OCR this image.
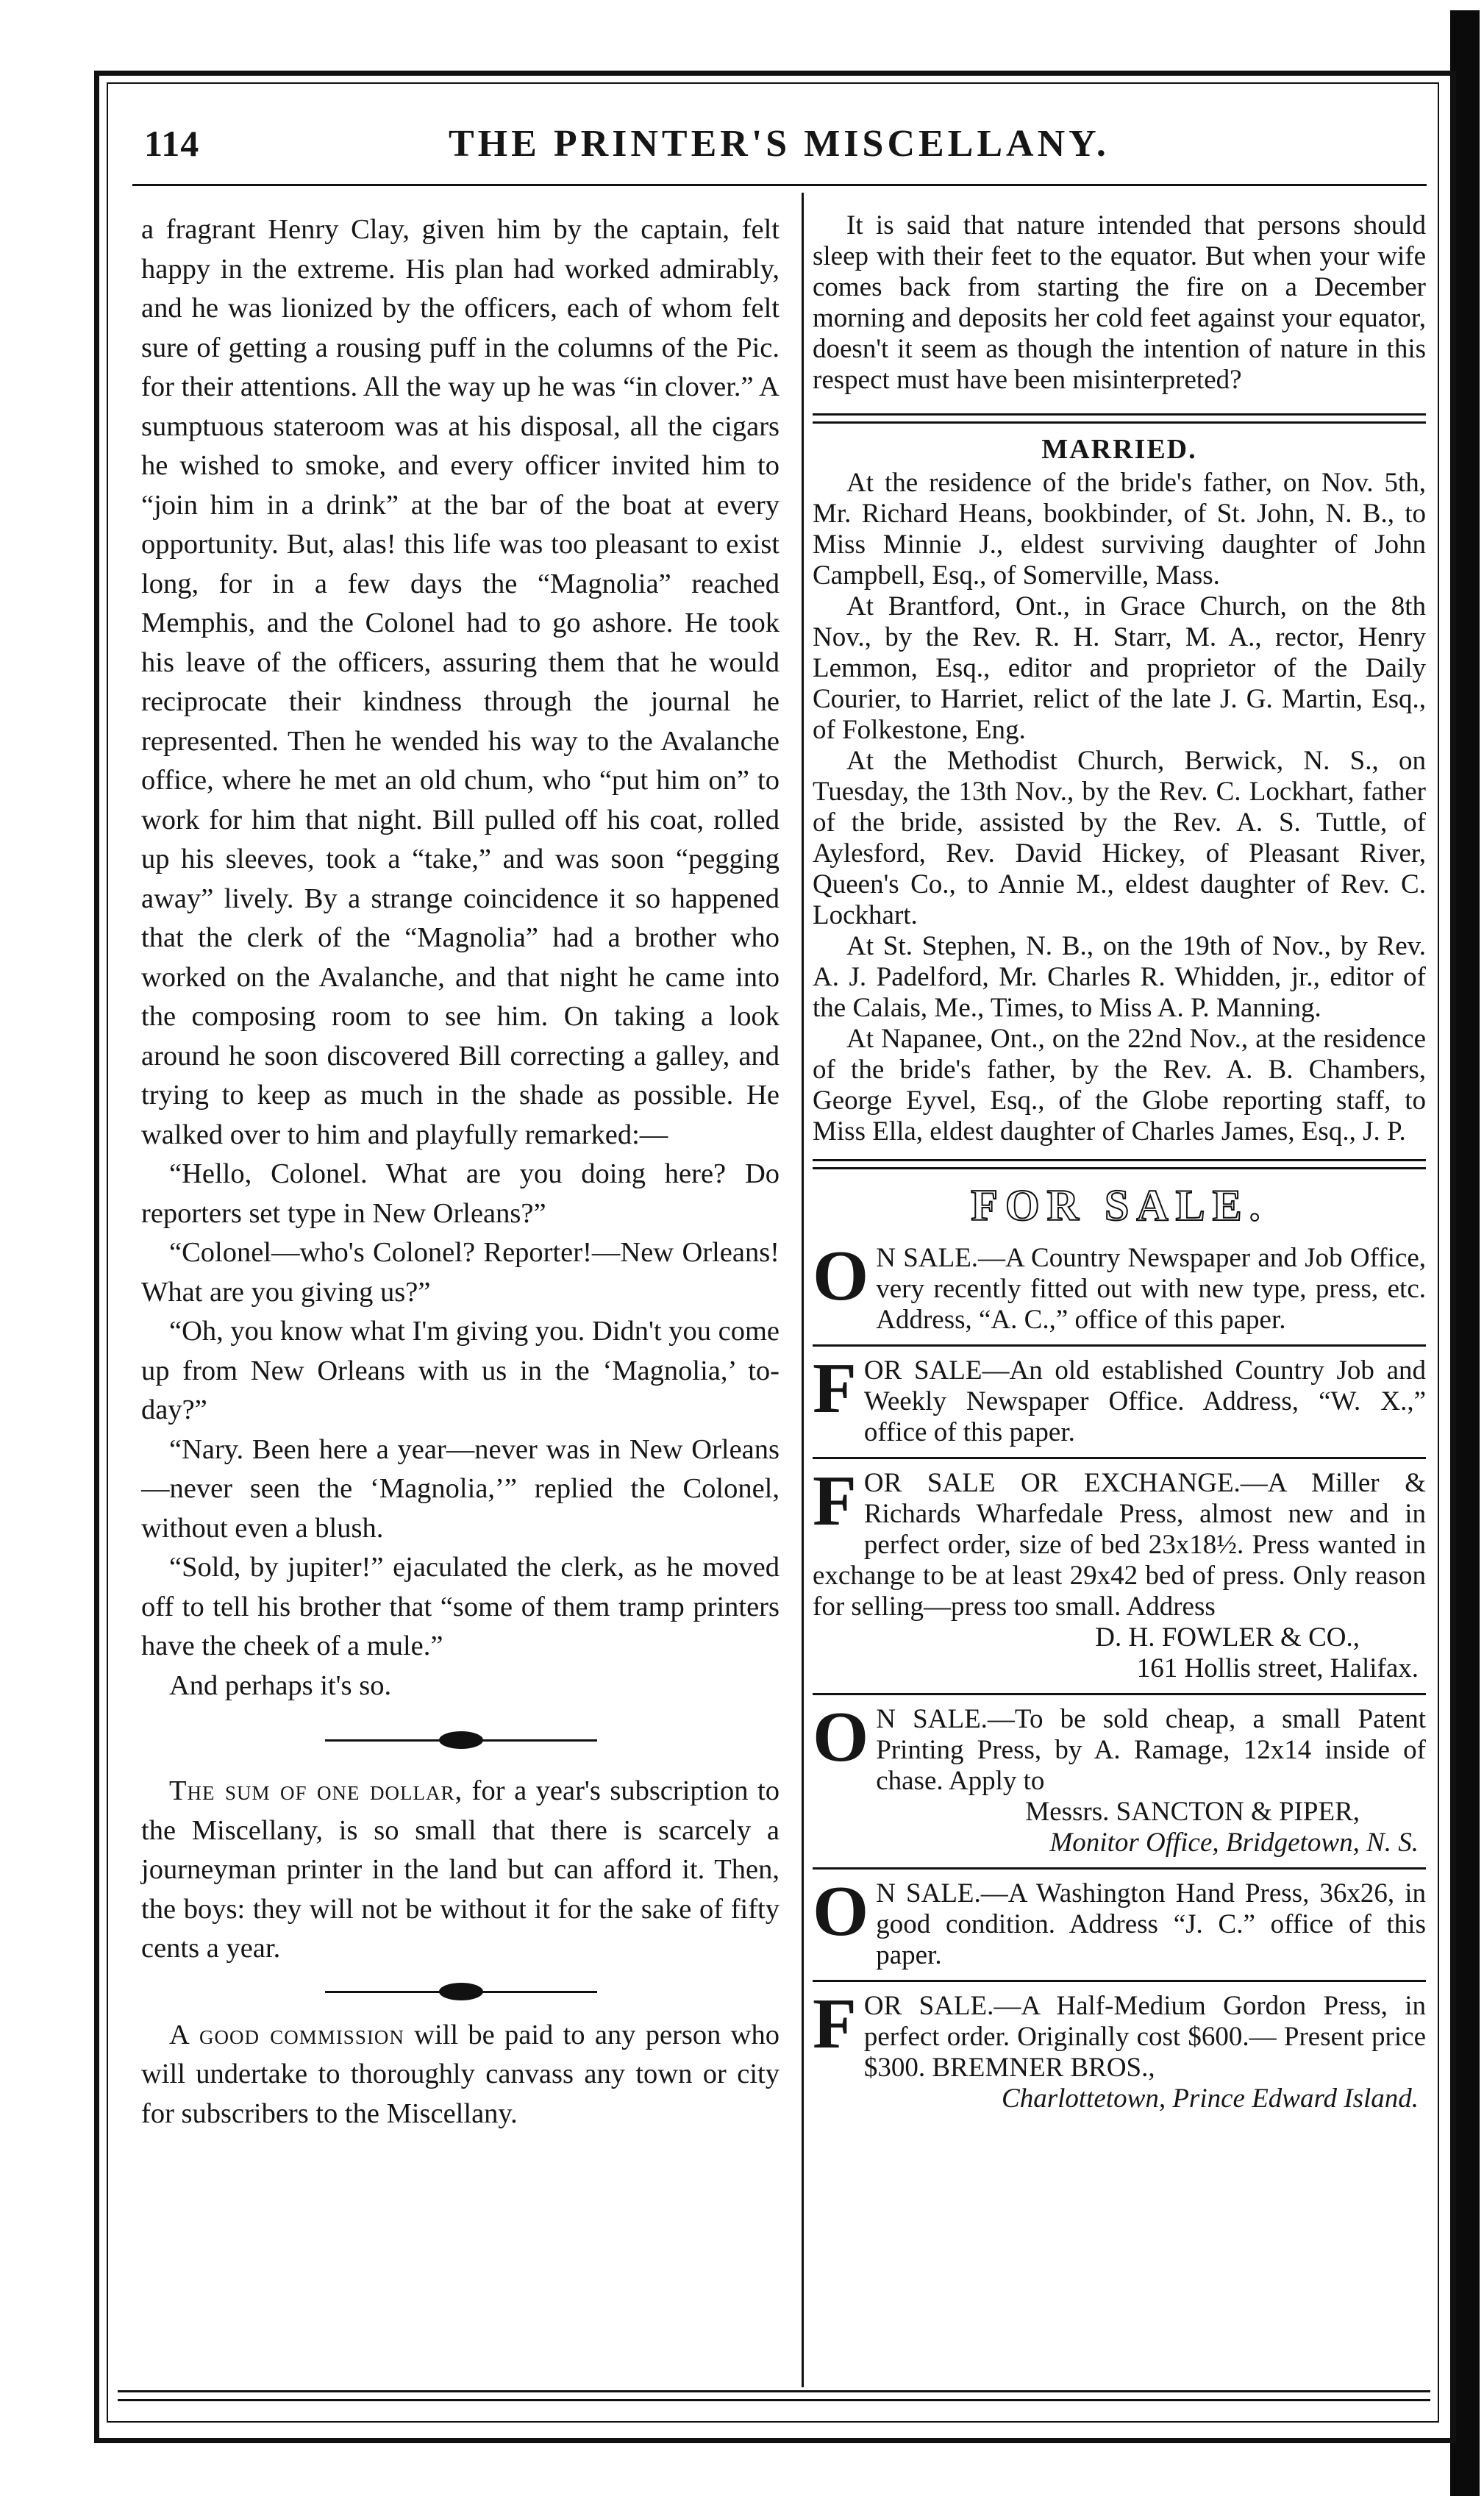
114	THE PRINTER'S MISCELLANY.

a fragrant Henry Clay, given him by the captain, felt happy in the extreme. His plan had worked admirably, and he was lionized by the officers, each of whom felt sure of getting a rousing puff in the columns of the Pic. for their attentions. All the way up he was “in clover.” A sumptuous stateroom was at his disposal, all the cigars he wished to smoke, and every officer invited him to “join him in a drink” at the bar of the boat at every opportunity. But, alas! this life was too pleasant to exist long, for in a few days the “Magnolia” reached Memphis, and the Colonel had to go ashore. He took his leave of the officers, assuring them that he would reciprocate their kindness through the journal he represented. Then he wended his way to the Avalanche office, where he met an old chum, who “put him on” to work for him that night. Bill pulled off his coat, rolled up his sleeves, took a “take,” and was soon “pegging away” lively. By a strange coincidence it so happened that the clerk of the “Magnolia” had a brother who worked on the Avalanche, and that night he came into the composing room to see him. On taking a look around he soon discovered Bill correcting a galley, and trying to keep as much in the shade as possible. He walked over to him and playfully remarked:—

“Hello, Colonel. What are you doing here? Do reporters set type in New Orleans?”

“Colonel—who's Colonel? Reporter!—New Orleans! What are you giving us?”

“Oh, you know what I'm giving you. Didn't you come up from New Orleans with us in the ‘Magnolia,’ to-day?”

“Nary. Been here a year—never was in New Orleans—never seen the ‘Magnolia,’” replied the Colonel, without even a blush.

“Sold, by jupiter!” ejaculated the clerk, as he moved off to tell his brother that “some of them tramp printers have the cheek of a mule.”

And perhaps it's so.

The sum of one dollar, for a year's subscription to the Miscellany, is so small that there is scarcely a journeyman printer in the land but can afford it. Then, the boys: they will not be without it for the sake of fifty cents a year.

A good commission will be paid to any person who will undertake to thoroughly canvass any town or city for subscribers to the Miscellany.

It is said that nature intended that persons should sleep with their feet to the equator. But when your wife comes back from starting the fire on a December morning and deposits her cold feet against your equator, doesn't it seem as though the intention of nature in this respect must have been misinterpreted?

MARRIED.

At the residence of the bride's father, on Nov. 5th, Mr. Richard Heans, bookbinder, of St. John, N. B., to Miss Minnie J., eldest surviving daughter of John Campbell, Esq., of Somerville, Mass.

At Brantford, Ont., in Grace Church, on the 8th Nov., by the Rev. R. H. Starr, M. A., rector, Henry Lemmon, Esq., editor and proprietor of the Daily Courier, to Harriet, relict of the late J. G. Martin, Esq., of Folkestone, Eng.

At the Methodist Church, Berwick, N. S., on Tuesday, the 13th Nov., by the Rev. C. Lockhart, father of the bride, assisted by the Rev. A. S. Tuttle, of Aylesford, Rev. David Hickey, of Pleasant River, Queen's Co., to Annie M., eldest daughter of Rev. C. Lockhart.

At St. Stephen, N. B., on the 19th of Nov., by Rev. A. J. Padelford, Mr. Charles R. Whidden, jr., editor of the Calais, Me., Times, to Miss A. P. Manning.

At Napanee, Ont., on the 22nd Nov., at the residence of the bride's father, by the Rev. A. B. Chambers, George Eyvel, Esq., of the Globe reporting staff, to Miss Ella, eldest daughter of Charles James, Esq., J. P.

FOR SALE.
O N SALE.—A Country Newspaper and Job Office, very recently fitted out with new type, press, etc. Address, “A. C.,” office of this paper.
F OR SALE—An old established Country Job and Weekly Newspaper Office. Address, “W. X.,” office of this paper.
F OR SALE OR EXCHANGE.—A Miller & Richards Wharfedale Press, almost new and in perfect order, size of bed 23x18½. Press wanted in exchange to be at least 29x42 bed of press. Only reason for selling—press too small. Address
D. H. FOWLER & CO.,
161 Hollis street, Halifax.
O N SALE.—To be sold cheap, a small Patent Printing Press, by A. Ramage, 12x14 inside of chase. Apply to
Messrs. SANCTON & PIPER,
Monitor Office, Bridgetown, N. S.
O N SALE.—A Washington Hand Press, 36x26, in good condition. Address “J. C.” office of this paper.
F OR SALE.—A Half-Medium Gordon Press, in perfect order. Originally cost $600.— Present price $300. BREMNER BROS.,
Charlottetown, Prince Edward Island.
